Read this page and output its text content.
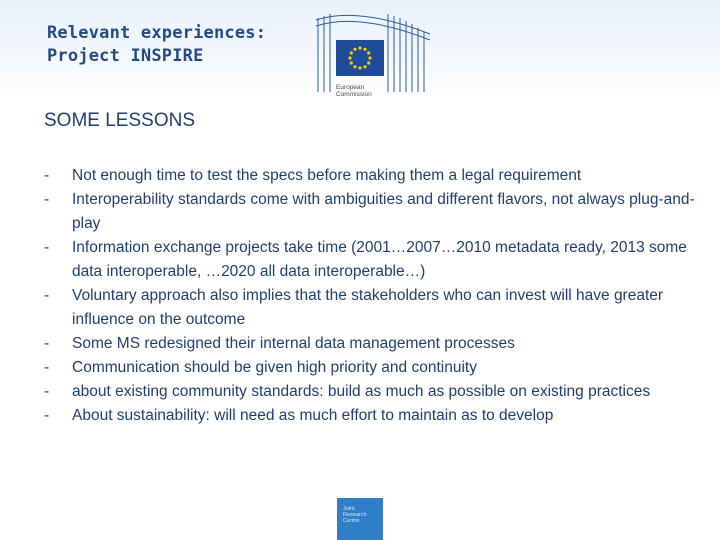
Relevant experiences:
Project INSPIRE
European
Commission
SOME LESSONS
-	Not enough time to test the specs before making them a legal requirement
-	Interoperability standards come with ambiguities and different flavors, not always plug-and-play
-	Information exchange projects take time (2001…2007…2010 metadata ready, 2013 some data interoperable, …2020 all data interoperable…)
-	Voluntary approach also implies that the stakeholders who can invest will have greater influence on the outcome
-	Some MS redesigned their internal data management processes
-	Communication should be given high priority and continuity
-	about existing community standards: build as much as possible on existing practices
-	About sustainability: will need as much effort to maintain as to develop
Joint
Research
Centre
